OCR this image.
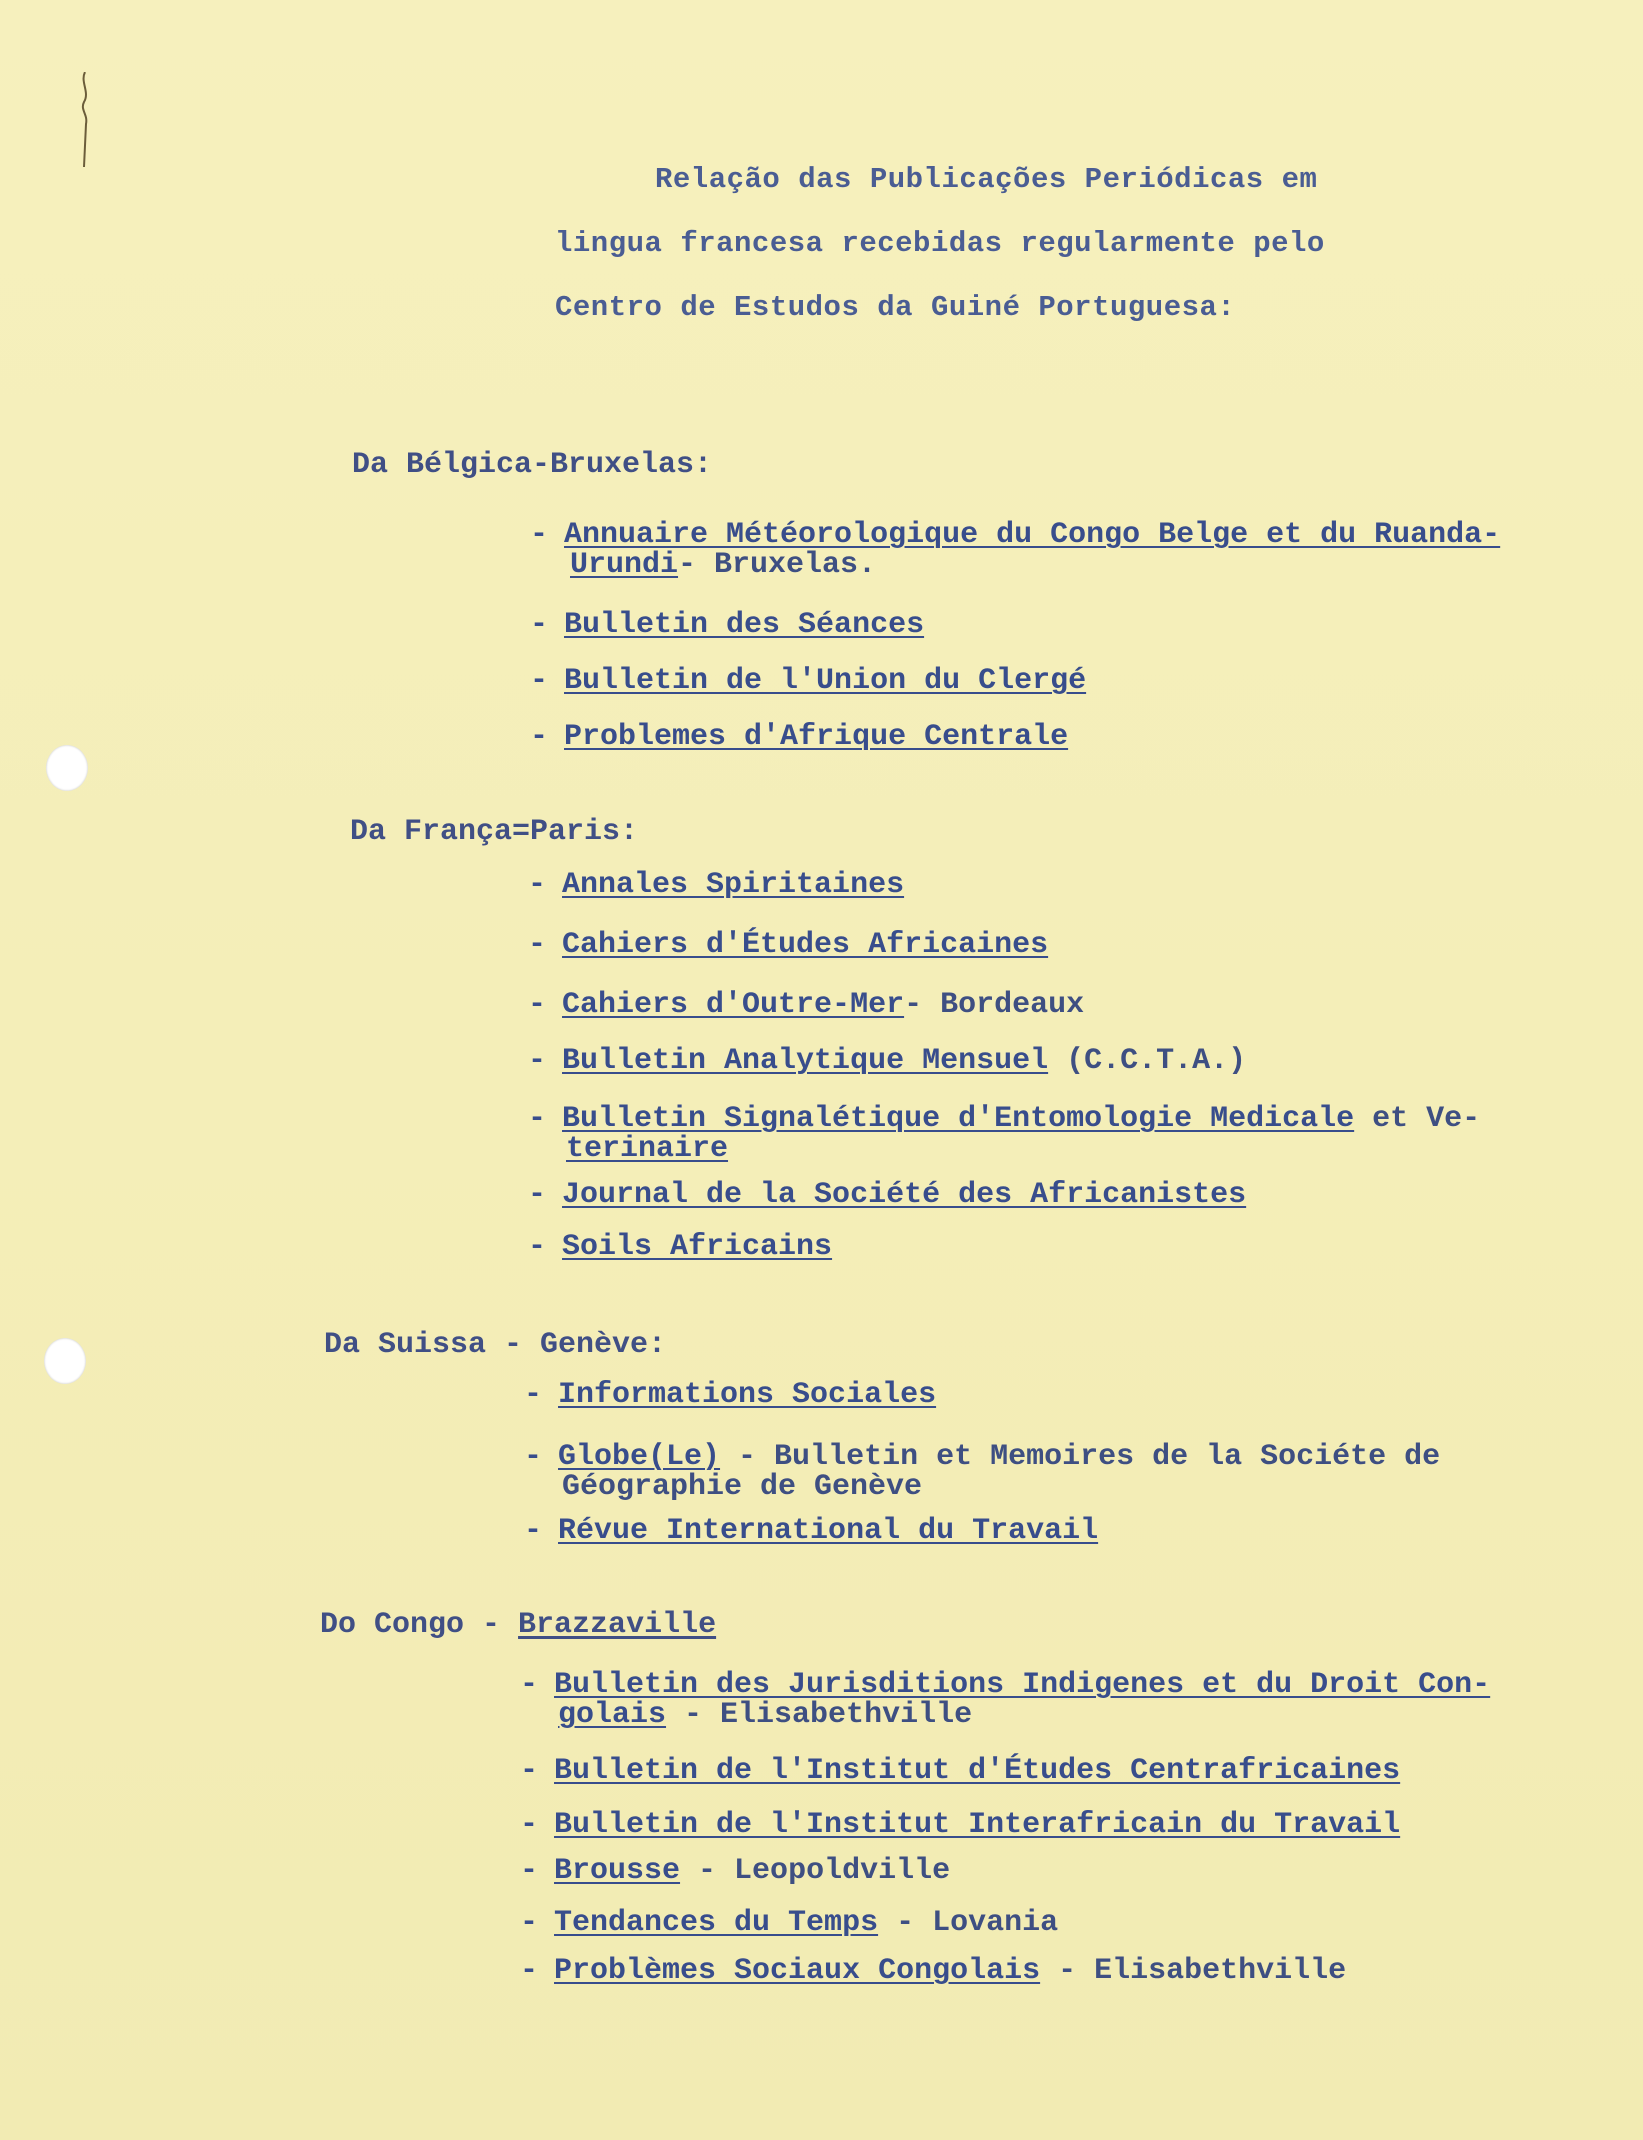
Relação das Publicações Periódicas em
lingua francesa recebidas regularmente pelo
Centro de Estudos da Guiné Portuguesa:
Da Bélgica-Bruxelas:
- Annuaire Météorologique du Congo Belge et du Ruanda-
Urundi- Bruxelas.
- Bulletin des Séances
- Bulletin de l'Union du Clergé
- Problemes d'Afrique Centrale
Da França=Paris:
- Annales Spiritaines
- Cahiers d'Études Africaines
- Cahiers d'Outre-Mer- Bordeaux
- Bulletin Analytique Mensuel (C.C.T.A.)
- Bulletin Signalétique d'Entomologie Medicale et Ve-
terinaire
- Journal de la Société des Africanistes
- Soils Africains
Da Suissa - Genève:
- Informations Sociales
- Globe(Le) - Bulletin et Memoires de la Sociéte de
Géographie de Genève
- Révue International du Travail
Do Congo - Brazzaville
- Bulletin des Jurisditions Indigenes et du Droit Con-
golais - Elisabethville
- Bulletin de l'Institut d'Études Centrafricaines
- Bulletin de l'Institut Interafricain du Travail
- Brousse - Leopoldville
- Tendances du Temps - Lovania
- Problèmes Sociaux Congolais - Elisabethville
